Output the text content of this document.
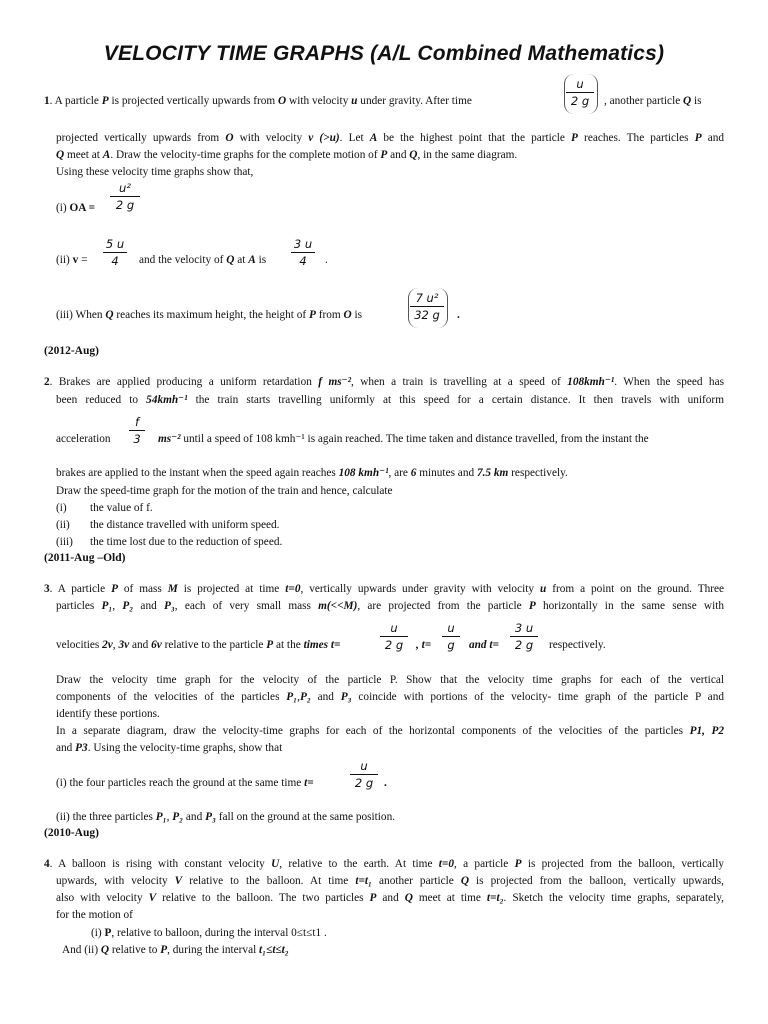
VELOCITY TIME GRAPHS (A/L Combined Mathematics)
1. A particle P is projected vertically upwards from O with velocity u under gravity. After time	$\frac{u}{2 g}$ , another particle Q is
projected vertically upwards from O with velocity v (>u). Let A be the highest point that the particle P reaches. The particles P and
Q meet at A. Draw the velocity-time graphs for the complete motion of P and Q, in the same diagram.
Using these velocity time graphs show that,
(i) OA = $\frac{\text{u²}}{2 g}$
(ii) $v = \frac{5 u}{4}$ and the velocity of Q at A is $\frac{3 u}{4}$ .
(iii) When Q reaches its maximum height, the height of P from O is	$\frac{\text{7 u²}}{32 g}$ .
(2012-Aug)
2. Brakes are applied producing a uniform retardation f ms⁻², when a train is travelling at a speed of 108kmh⁻¹. When the speed has
been reduced to 54kmh⁻¹ the train starts travelling uniformly at this speed for a certain distance. It then travels with uniform
acceleration $\frac{f}{3} ms^{-2}$ until a speed of 108 kmh⁻¹ is again reached. The time taken and distance travelled, from the instant the
brakes are applied to the instant when the speed again reaches 108 kmh⁻¹, are 6 minutes and 7.5 km respectively.
Draw the speed-time graph for the motion of the train and hence, calculate
(i) the value of f.
(ii) the distance travelled with uniform speed.
(iii) the time lost due to the reduction of speed.
(2011-Aug –Old)
3. A particle P of mass M is projected at time t=0, vertically upwards under gravity with velocity u from a point on the ground. Three
particles P₁, P₂ and P₃, each of very small mass m(<<M), are projected from the particle P horizontally in the same sense with
velocities 2v, 3v and 6v relative to the particle P at the times t=	$\frac{u}{2 g}$ , $t= \frac{u}{g}$ and $t= \frac{3 u}{2 g}$ respectively.
Draw the velocity time graph for the velocity of the particle P. Show that the velocity time graphs for each of the vertical
components of the velocities of the particles P₁,P₂ and P₃ coincide with portions of the velocity- time graph of the particle P and
identify these portions.
In a separate diagram, draw the velocity-time graphs for each of the horizontal components of the velocities of the particles P1, P2
and P3. Using the velocity-time graphs, show that
(i) the four particles reach the ground at the same time t=	$\frac{u}{2 g}$ .
(ii) the three particles P₁, P₂ and P₃ fall on the ground at the same position.
(2010-Aug)
4. A balloon is rising with constant velocity U, relative to the earth. At time t=0, a particle P is projected from the balloon, vertically
upwards, with velocity V relative to the balloon. At time t=t₁ another particle Q is projected from the balloon, vertically upwards,
also with velocity V relative to the balloon. The two particles P and Q meet at time t=t₂. Sketch the velocity time graphs, separately,
for the motion of
(i) P, relative to balloon, during the interval 0≤t≤t1 .
And (ii) Q relative to P, during the interval t₁≤t≤t₂
